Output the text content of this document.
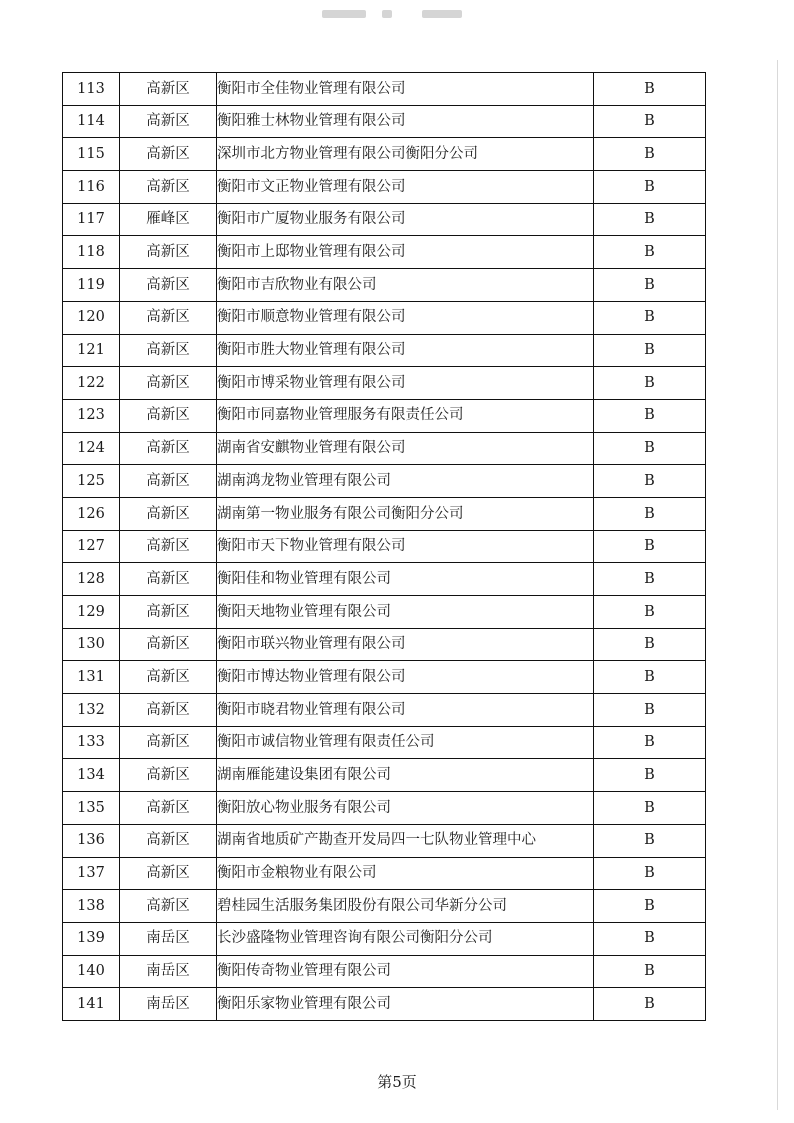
113	高新区	衡阳市全佳物业管理有限公司	B
114	高新区	衡阳雅士林物业管理有限公司	B
115	高新区	深圳市北方物业管理有限公司衡阳分公司	B
116	高新区	衡阳市文正物业管理有限公司	B
117	雁峰区	衡阳市广厦物业服务有限公司	B
118	高新区	衡阳市上邸物业管理有限公司	B
119	高新区	衡阳市吉欣物业有限公司	B
120	高新区	衡阳市顺意物业管理有限公司	B
121	高新区	衡阳市胜大物业管理有限公司	B
122	高新区	衡阳市博采物业管理有限公司	B
123	高新区	衡阳市同嘉物业管理服务有限责任公司	B
124	高新区	湖南省安麒物业管理有限公司	B
125	高新区	湖南鸿龙物业管理有限公司	B
126	高新区	湖南第一物业服务有限公司衡阳分公司	B
127	高新区	衡阳市天下物业管理有限公司	B
128	高新区	衡阳佳和物业管理有限公司	B
129	高新区	衡阳天地物业管理有限公司	B
130	高新区	衡阳市联兴物业管理有限公司	B
131	高新区	衡阳市博达物业管理有限公司	B
132	高新区	衡阳市晓君物业管理有限公司	B
133	高新区	衡阳市诚信物业管理有限责任公司	B
134	高新区	湖南雁能建设集团有限公司	B
135	高新区	衡阳放心物业服务有限公司	B
136	高新区	湖南省地质矿产勘查开发局四一七队物业管理中心	B
137	高新区	衡阳市金粮物业有限公司	B
138	高新区	碧桂园生活服务集团股份有限公司华新分公司	B
139	南岳区	长沙盛隆物业管理咨询有限公司衡阳分公司	B
140	南岳区	衡阳传奇物业管理有限公司	B
141	南岳区	衡阳乐家物业管理有限公司	B
第5页
